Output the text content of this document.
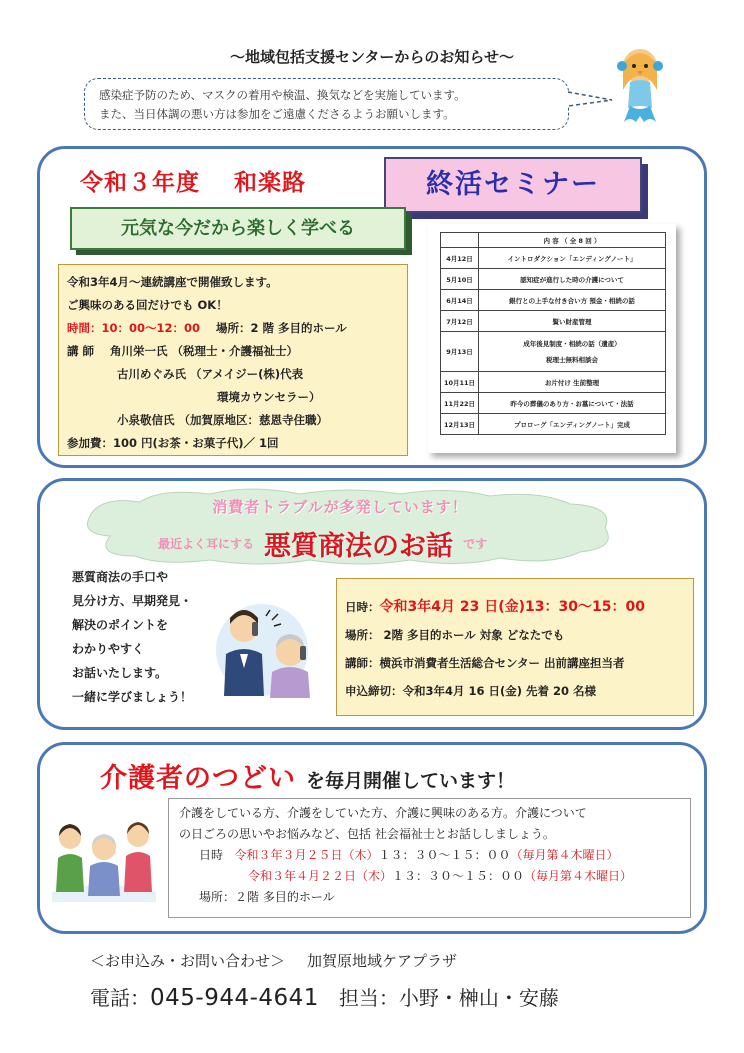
～地域包括支援センターからのお知らせ～
感染症予防のため、マスクの着用や検温、換気などを実施しています。
また、当日体調の悪い方は参加をご遠慮くださるようお願いします。
令和３年度 和楽路	終活セミナー
元気な今だから楽しく学べる
令和3年4月～連続講座で開催致します。
ご興味のある回だけでも OK！
時間：10：00～12：00 場所：2 階 多目的ホール
講 師 角川栄一氏 （税理士・介護福祉士）
古川めぐみ氏 （アメイジー(株)代表
環境カウンセラー）
小泉敬信氏 （加賀原地区：慈恩寺住職）
参加費：100 円(お茶・お菓子代)／ 1回
	内 容 （ 全 8 回 ）
4月12日	イントロダクション「エンディングノート」
5月10日	認知症が進行した時の介護について
6月14日	銀行との上手な付き合い方 預金・相続の話
7月12日	賢い財産管理
9月13日	成年後見制度・相続の話（遺産）
税理士無料相談会

10月11日	お片付け 生前整理
11月22日	昨今の葬儀のあり方・お墓について・法話
12月13日	プロローグ「エンディングノート」完成
消費者トラブルが多発しています！
最近よく耳にする 悪質商法のお話 です
悪質商法の手口や
見分け方、早期発見・
解決のポイントを
わかりやすく
お話いたします。
一緒に学びましょう！
日時：令和3年4月 23 日(金)13：30～15：00
場所： 2階 多目的ホール 対象 どなたでも
講師：横浜市消費者生活総合センター 出前講座担当者
申込締切：令和3年4月 16 日(金) 先着 20 名様
介護者のつどい を毎月開催しています！
介護をしている方、介護をしていた方、介護に興味のある方。介護について
の日ごろの思いやお悩みなど、包括 社会福祉士とお話ししましょう。
日時 令和３年３月２５日（木）１３：３０～１５：００（毎月第４木曜日）
令和３年４月２２日（木）１３：３０～１５：００（毎月第４木曜日）
場所：２階 多目的ホール
＜お申込み・お問い合わせ＞ 加賀原地域ケアプラザ
電話：045-944-4641 担当：小野・榊山・安藤
